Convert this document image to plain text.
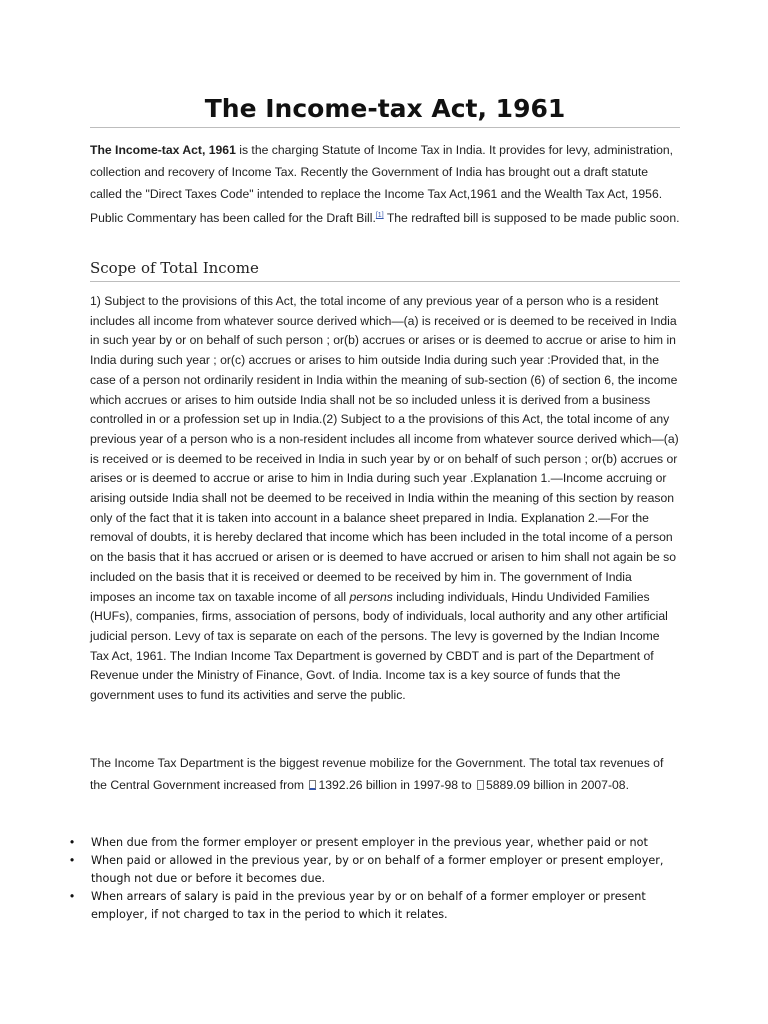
The Income-tax Act, 1961

The Income-tax Act, 1961 is the charging Statute of Income Tax in India. It provides for levy, administration, collection and recovery of Income Tax. Recently the Government of India has brought out a draft statute called the "Direct Taxes Code" intended to replace the Income Tax Act,1961 and the Wealth Tax Act, 1956. Public Commentary has been called for the Draft Bill.[1] The redrafted bill is supposed to be made public soon.

Scope of Total Income

1) Subject to the provisions of this Act, the total income of any previous year of a person who is a resident includes all income from whatever source derived which—(a) is received or is deemed to be received in India in such year by or on behalf of such person ; or(b) accrues or arises or is deemed to accrue or arise to him in India during such year ; or(c) accrues or arises to him outside India during such year :Provided that, in the case of a person not ordinarily resident in India within the meaning of sub-section (6) of section 6, the income which accrues or arises to him outside India shall not be so included unless it is derived from a business controlled in or a profession set up in India.(2) Subject to a the provisions of this Act, the total income of any previous year of a person who is a non-resident includes all income from whatever source derived which—(a) is received or is deemed to be received in India in such year by or on behalf of such person ; or(b) accrues or arises or is deemed to accrue or arise to him in India during such year .Explanation 1.—Income accruing or arising outside India shall not be deemed to be received in India within the meaning of this section by reason only of the fact that it is taken into account in a balance sheet prepared in India. Explanation 2.—For the removal of doubts, it is hereby declared that income which has been included in the total income of a person on the basis that it has accrued or arisen or is deemed to have accrued or arisen to him shall not again be so included on the basis that it is received or deemed to be received by him in. The government of India imposes an income tax on taxable income of all persons including individuals, Hindu Undivided Families (HUFs), companies, firms, association of persons, body of individuals, local authority and any other artificial judicial person. Levy of tax is separate on each of the persons. The levy is governed by the Indian Income Tax Act, 1961. The Indian Income Tax Department is governed by CBDT and is part of the Department of Revenue under the Ministry of Finance, Govt. of India. Income tax is a key source of funds that the government uses to fund its activities and serve the public.

The Income Tax Department is the biggest revenue mobilize for the Government. The total tax revenues of the Central Government increased from 1392.26 billion in 1997-98 to 5889.09 billion in 2007-08.

• When due from the former employer or present employer in the previous year, whether paid or not
• When paid or allowed in the previous year, by or on behalf of a former employer or present employer, though not due or before it becomes due.
• When arrears of salary is paid in the previous year by or on behalf of a former employer or present employer, if not charged to tax in the period to which it relates.
